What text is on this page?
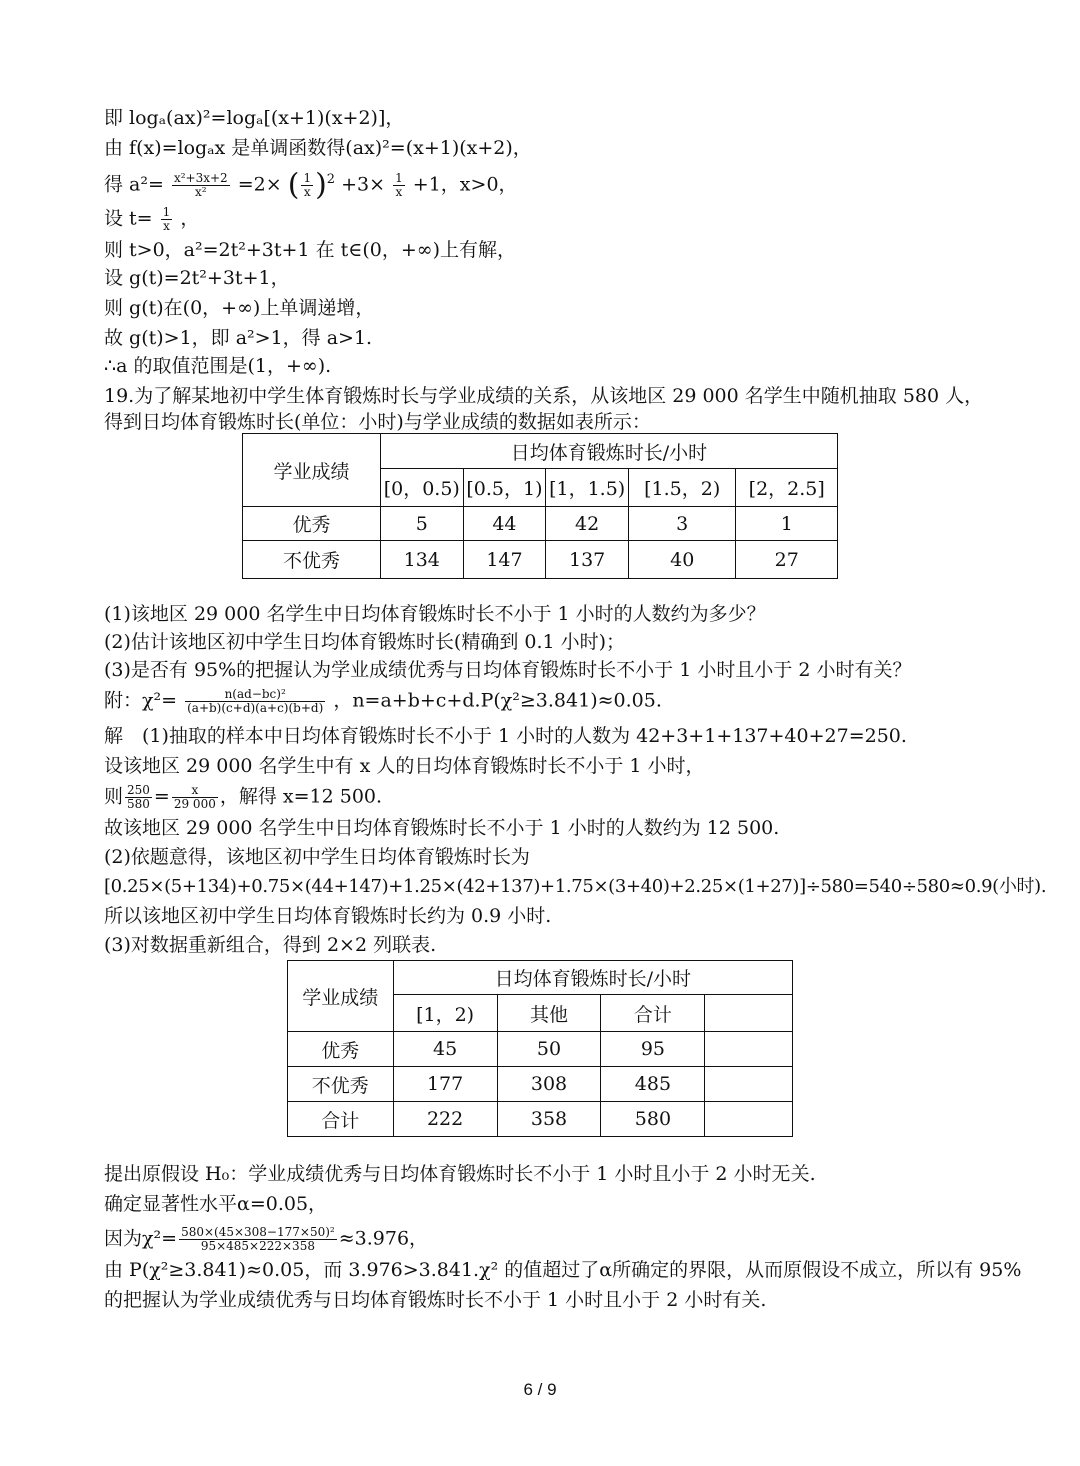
即 logₐ(ax)²=logₐ[(x+1)(x+2)]，
由 f(x)=logₐx 是单调函数得(ax)²=(x+1)(x+2)，
得 $a^2= \frac{\text{x²+3x+2}}{\text{x²}} =2\times$ ( $\frac{1}{x} )^2 +3\times \frac{1}{x} +1$，x>0，
设 $t= \frac{1}{x}$ ，
则 t>0，a²=2t²+3t+1 在 t∈(0，+∞)上有解，
设 g(t)=2t²+3t+1，
则 g(t)在(0，+∞)上单调递增，
故 g(t)>1，即 a²>1，得 a>1.
∴a 的取值范围是(1，+∞).
19.为了解某地初中学生体育锻炼时长与学业成绩的关系，从该地区 29 000 名学生中随机抽取 580 人，
得到日均体育锻炼时长(单位：小时)与学业成绩的数据如表所示：
学业成绩	日均体育锻炼时长/小时				
	[0，0.5)	[0.5，1)	[1，1.5)	[1.5，2)	[2，2.5]
优秀	5	44	42	3	1
不优秀	134	147	137	40	27
(1)该地区 29 000 名学生中日均体育锻炼时长不小于 1 小时的人数约为多少？
(2)估计该地区初中学生日均体育锻炼时长(精确到 0.1 小时)；
(3)是否有 95%的把握认为学业成绩优秀与日均体育锻炼时长不小于 1 小时且小于 2 小时有关？
附：$\chi^2= \frac{\text{n(ad−bc)²}}{(a+b)(c+d)(a+c)(b+d)}$ ，n=a+b+c+d.P(χ²≥3.841)≈0.05.
解　(1)抽取的样本中日均体育锻炼时长不小于 1 小时的人数为 42+3+1+137+40+27=250.
设该地区 29 000 名学生中有 x 人的日均体育锻炼时长不小于 1 小时，
则 $\frac{250}{580} = \frac{x}{29 000}$ ，解得 x=12 500.
故该地区 29 000 名学生中日均体育锻炼时长不小于 1 小时的人数约为 12 500.
(2)依题意得，该地区初中学生日均体育锻炼时长为
[0.25×(5+134)+0.75×(44+147)+1.25×(42+137)+1.75×(3+40)+2.25×(1+27)]÷580=540÷580≈0.9(小时).
所以该地区初中学生日均体育锻炼时长约为 0.9 小时.
(3)对数据重新组合，得到 2×2 列联表.
学业成绩	日均体育锻炼时长/小时			
	[1，2)	其他	合计	
优秀	45	50	95	
不优秀	177	308	485	
合计	222	358	580	
提出原假设 H₀：学业成绩优秀与日均体育锻炼时长不小于 1 小时且小于 2 小时无关.
确定显著性水平α=0.05，
因为$\chi^2= \frac{\text{580×(45×308−177×50)²}}{95\times 485\times 222\times 358} \approx 3.976$，
由 P(χ²≥3.841)≈0.05，而 3.976>3.841.χ² 的值超过了α所确定的界限，从而原假设不成立，所以有 95%
的把握认为学业成绩优秀与日均体育锻炼时长不小于 1 小时且小于 2 小时有关.
6 / 9
